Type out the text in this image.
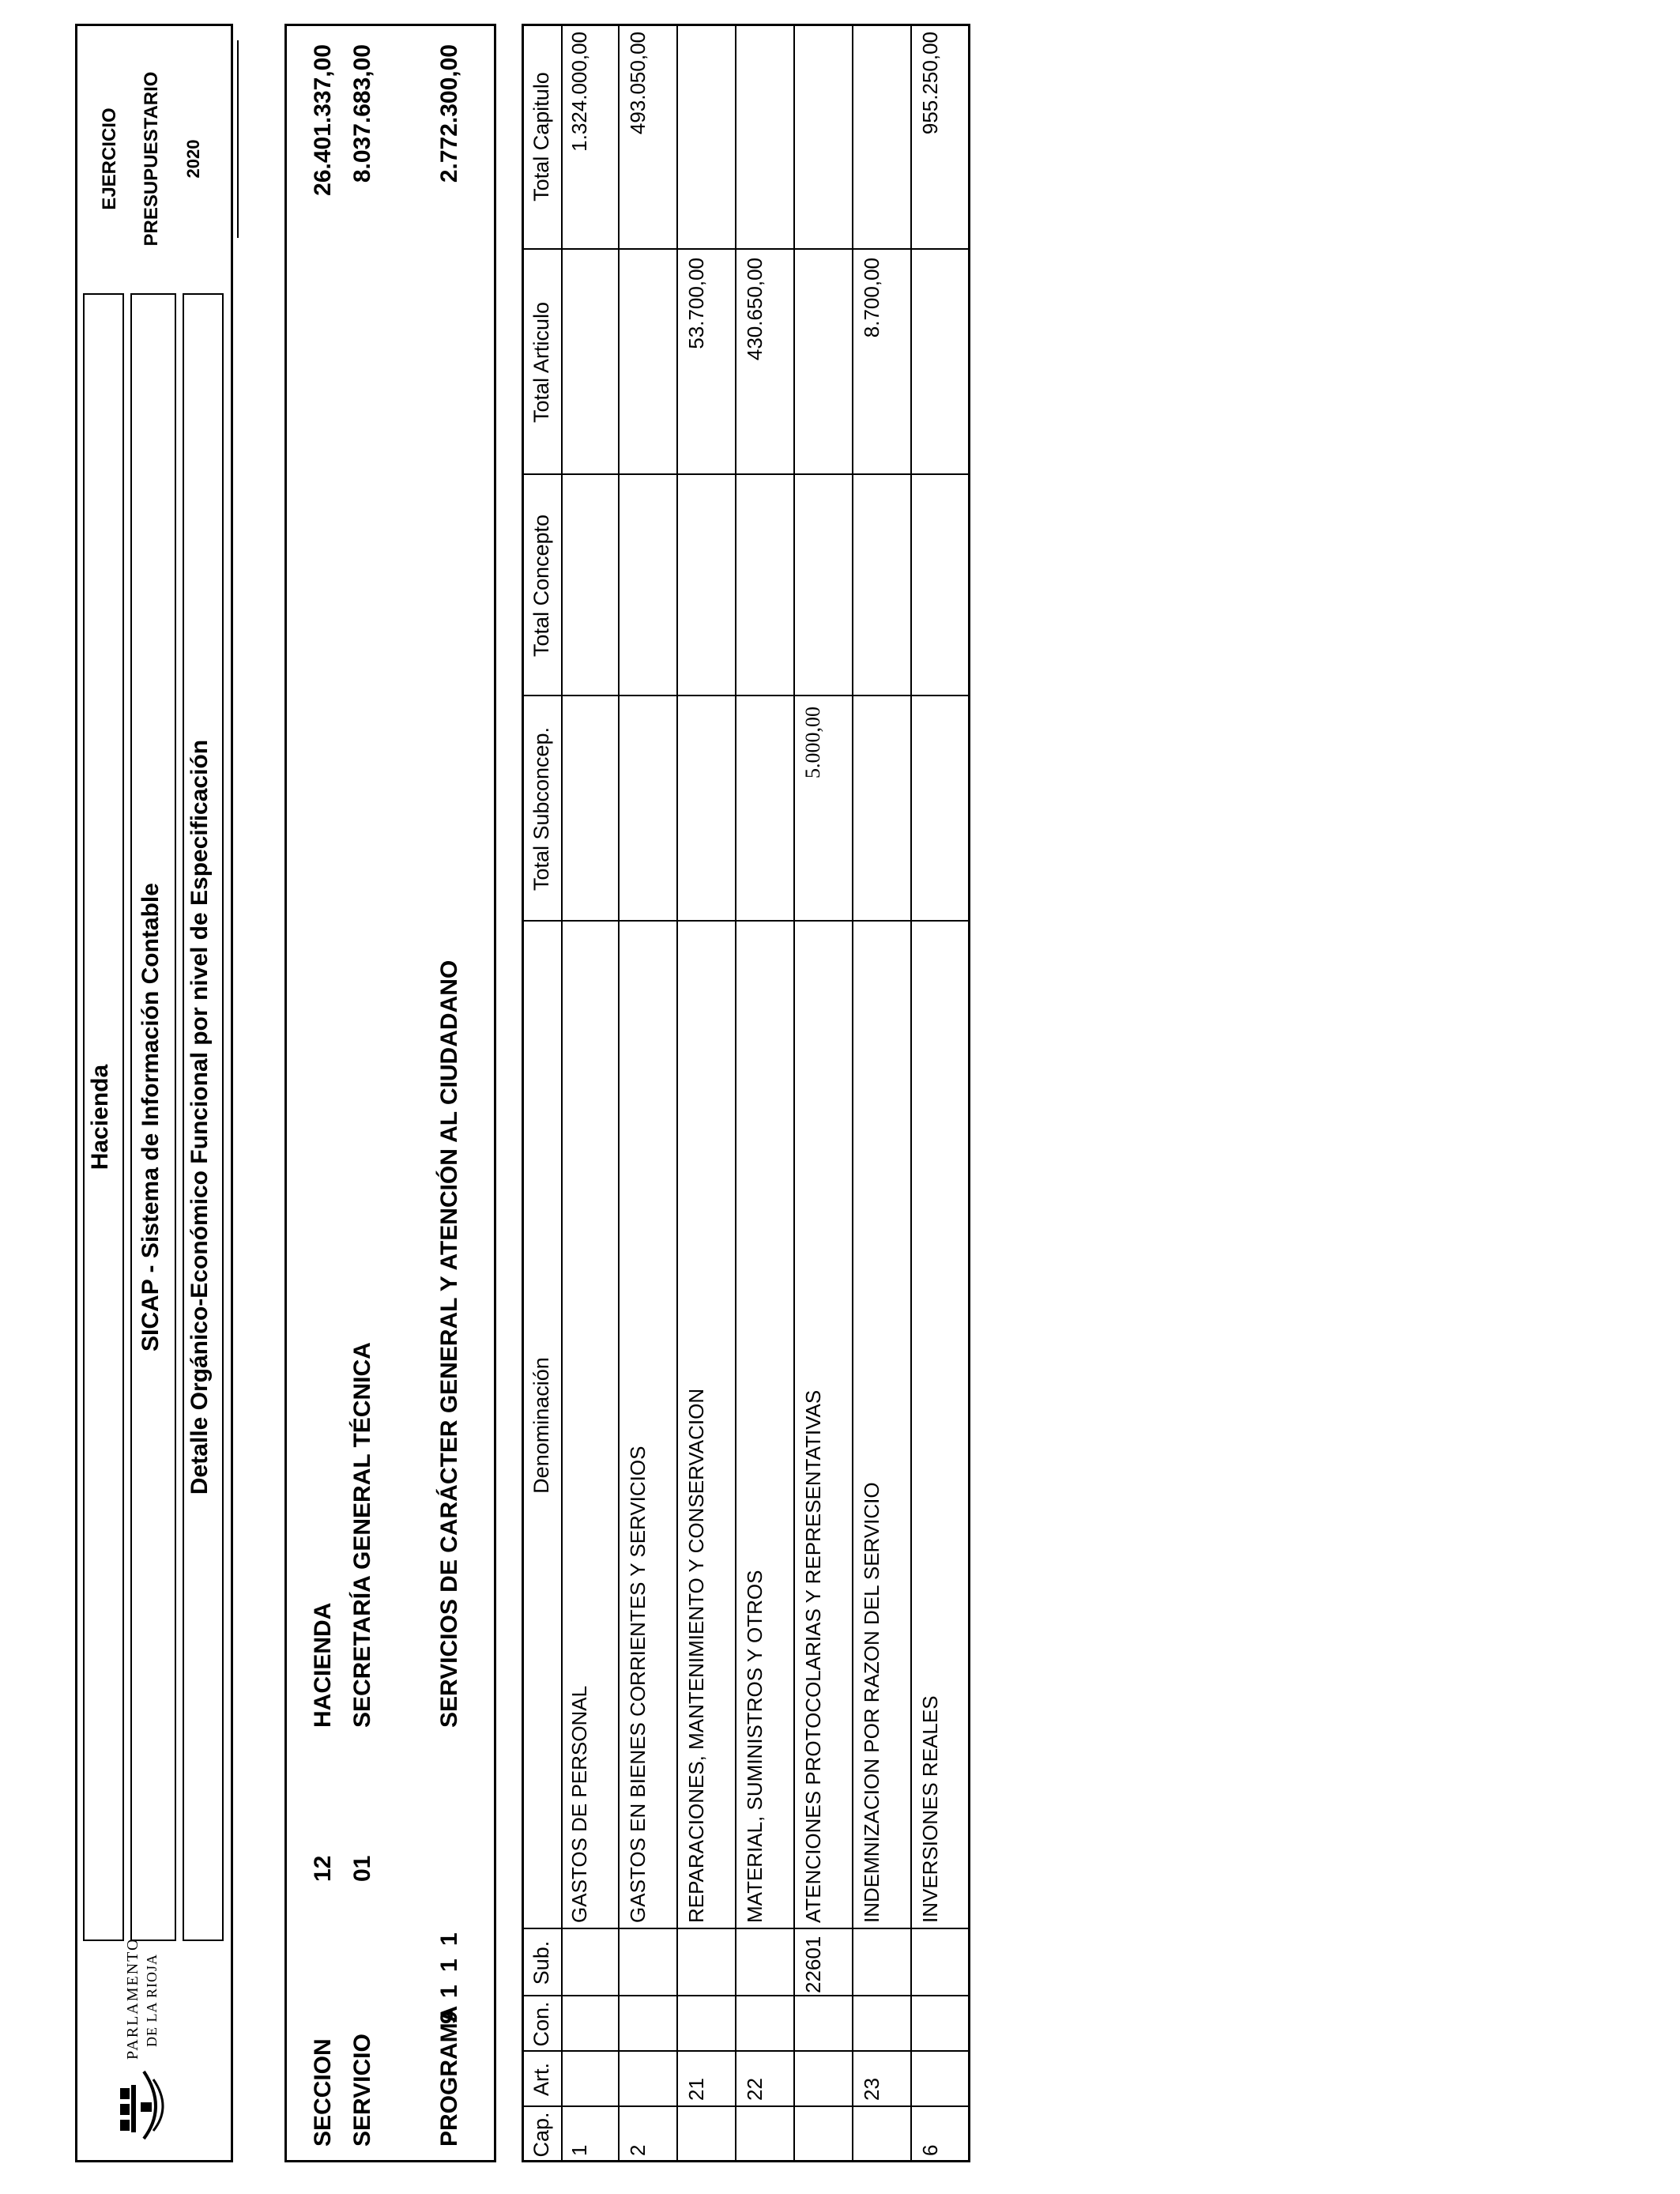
PARLAMENTO DE LA RIOJA
Hacienda SICAP - Sistema de Información Contable Detalle Orgánico-Económico Funcional por nivel de Especificación
EJERCICIO PRESUPUESTARIO 2020
SECCION
12
HACIENDA
26.401.337,00
SERVICIO
01
SECRETARÍA GENERAL TÉCNICA
8.037.683,00
PROGRAMA
9 1 1 1
SERVICIOS DE CARÁCTER GENERAL Y ATENCIÓN AL CIUDADANO
2.772.300,00
Cap.
Art.
Con.
Sub.
Denominación
Total Subconcep.
Total Concepto
Total Articulo
Total Capitulo
1
GASTOS DE PERSONAL
1.324.000,00
2
GASTOS EN BIENES CORRIENTES Y SERVICIOS
493.050,00
21
REPARACIONES, MANTENIMIENTO Y CONSERVACION
53.700,00
22
MATERIAL, SUMINISTROS Y OTROS
430.650,00
22601
ATENCIONES PROTOCOLARIAS Y REPRESENTATIVAS
5.000,00
23
INDEMNIZACION POR RAZON DEL SERVICIO
8.700,00
6
INVERSIONES REALES
955.250,00
